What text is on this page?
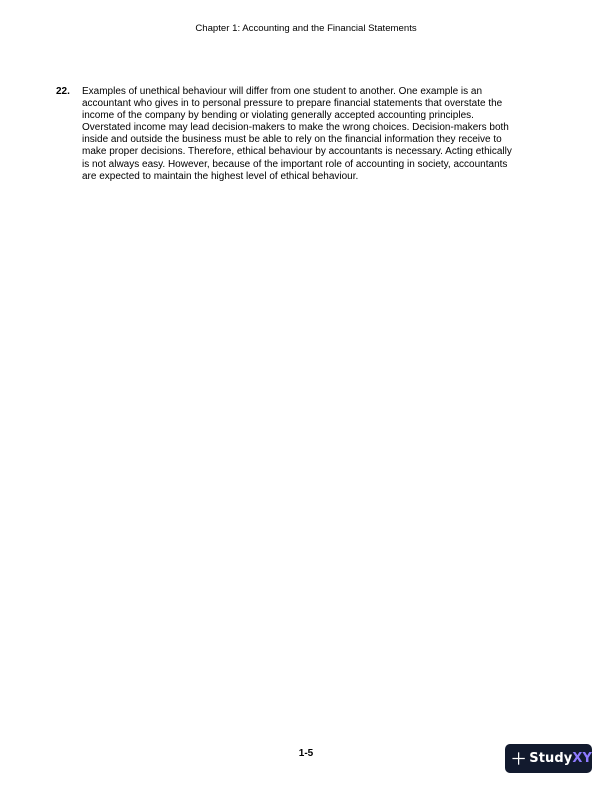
Chapter 1: Accounting and the Financial Statements
22.	Examples of unethical behaviour will differ from one student to another. One example is an
accountant who gives in to personal pressure to prepare financial statements that overstate the
income of the company by bending or violating generally accepted accounting principles.
Overstated income may lead decision-makers to make the wrong choices. Decision-makers both
inside and outside the business must be able to rely on the financial information they receive to
make proper decisions. Therefore, ethical behaviour by accountants is necessary. Acting ethically
is not always easy. However, because of the important role of accounting in society, accountants
are expected to maintain the highest level of ethical behaviour.
1-5	StudyXY
